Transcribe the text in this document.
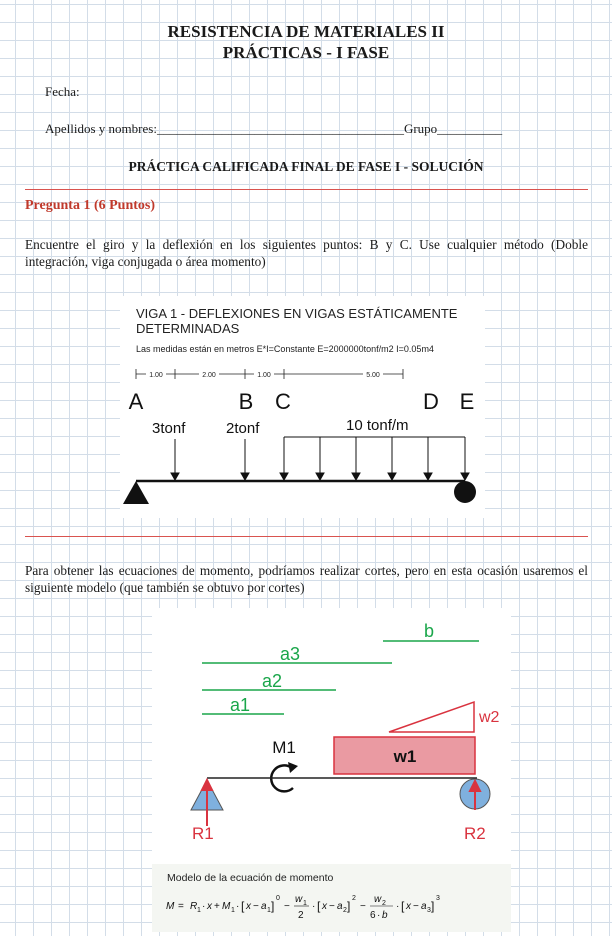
RESISTENCIA DE MATERIALES II
PRÁCTICAS - I FASE
Fecha:
Apellidos y nombres:______________________________________Grupo__________
PRÁCTICA CALIFICADA FINAL DE FASE I - SOLUCIÓN
Pregunta 1 (6 Puntos)
Encuentre el giro y la deflexión en los siguientes puntos: B y C. Use cualquier método (Doble integración, viga conjugada o área momento)
VIGA 1 - DEFLEXIONES EN VIGAS ESTÁTICAMENTE
DETERMINADAS
Las medidas están en metros E*I=Constante E=2000000tonf/m2 I=0.05m4
1.00	2.00	1.00	5.00
A	B C	D E
3tonf	2tonf	10 tonf/m
Para obtener las ecuaciones de momento, podríamos realizar cortes, pero en esta ocasión usaremos el siguiente modelo (que también se obtuvo por cortes)
b
a3
a2
a1
w2
w1
M1
R1	R2
Modelo de la ecuación de momento
M = R 1 · x + M 1 · [ x − a 1 ]
0
−
w 1
2
· [ x − a 2 ]
2
−
w 2
6 · b
· [ x − a 3 ]
3
